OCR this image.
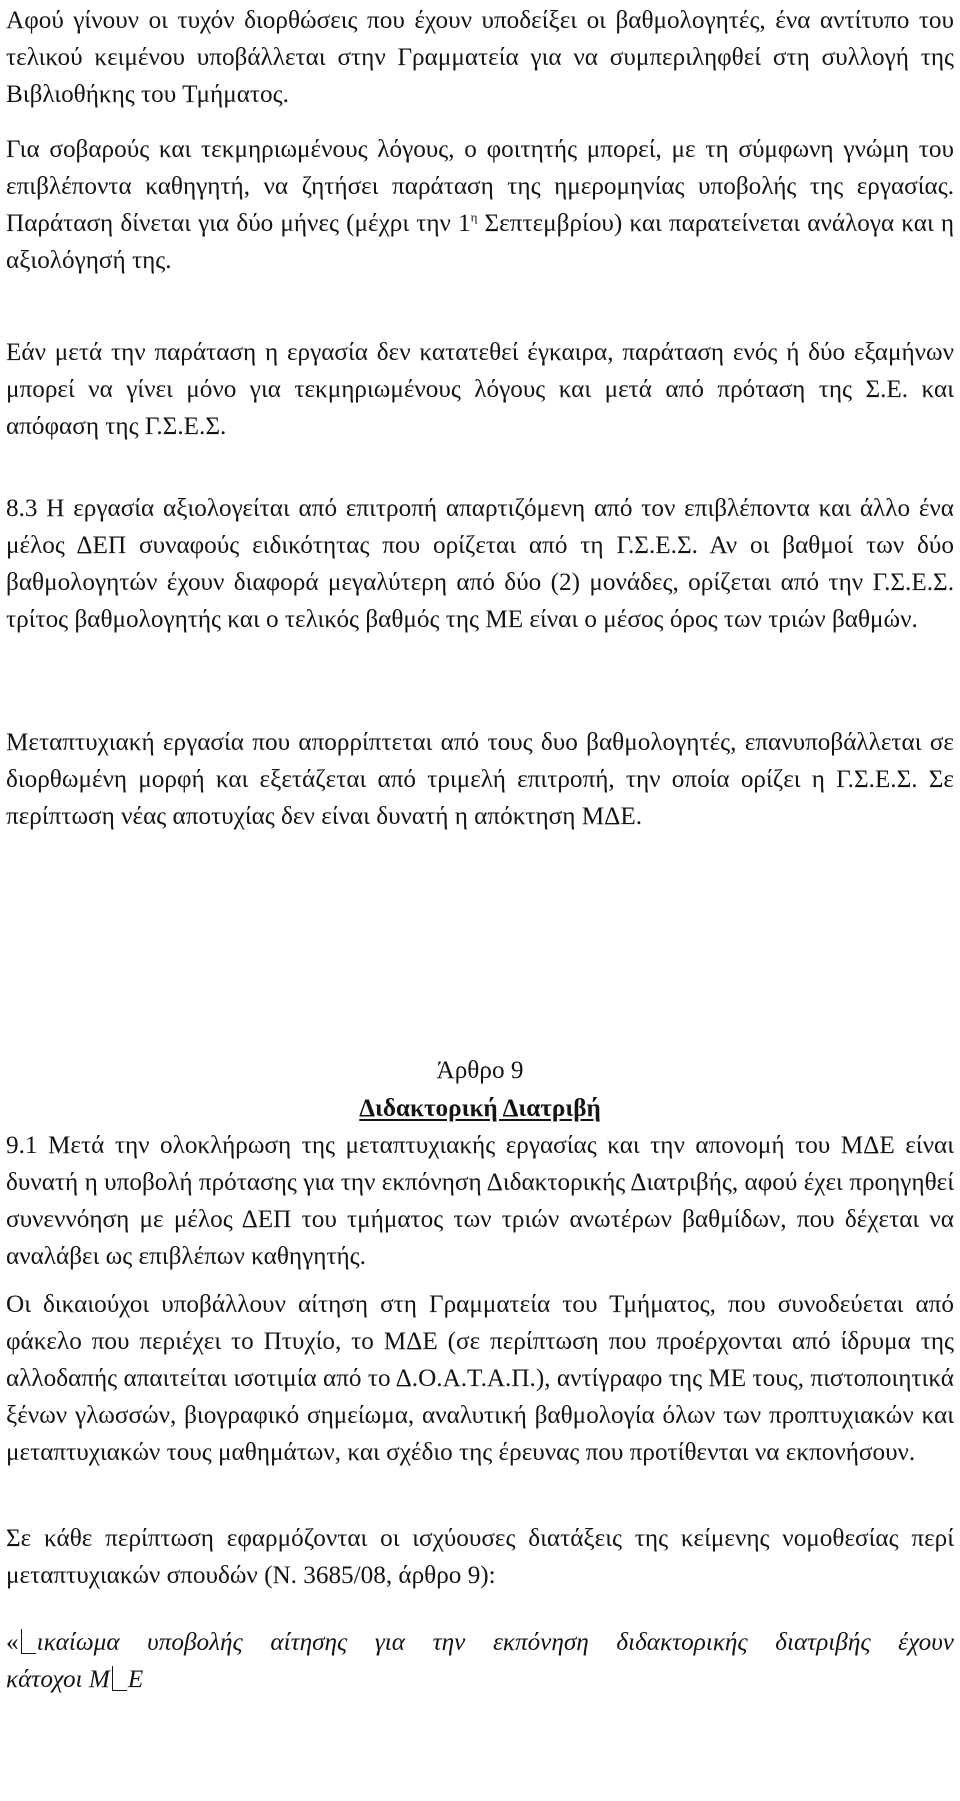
Αφού γίνουν οι τυχόν διορθώσεις που έχουν υποδείξει οι βαθμολογητές, ένα αντίτυπο του τελικού κειμένου υποβάλλεται στην Γραμματεία για να συμπεριληφθεί στη συλλογή της Βιβλιοθήκης του Τμήματος.

Για σοβαρούς και τεκμηριωμένους λόγους, ο φοιτητής μπορεί, με τη σύμφωνη γνώμη του επιβλέποντα καθηγητή, να ζητήσει παράταση της ημερομηνίας υποβολής της εργασίας. Παράταση δίνεται για δύο μήνες (μέχρι την $1^\eta$ Σεπτεμβρίου) και παρατείνεται ανάλογα και η αξιολόγησή της.

Εάν μετά την παράταση η εργασία δεν κατατεθεί έγκαιρα, παράταση ενός ή δύο εξαμήνων μπορεί να γίνει μόνο για τεκμηριωμένους λόγους και μετά από πρόταση της Σ.Ε. και απόφαση της Γ.Σ.Ε.Σ.

8.3 Η εργασία αξιολογείται από επιτροπή απαρτιζόμενη από τον επιβλέποντα και άλλο ένα μέλος ΔΕΠ συναφούς ειδικότητας που ορίζεται από τη Γ.Σ.Ε.Σ. Αν οι βαθμοί των δύο βαθμολογητών έχουν διαφορά μεγαλύτερη από δύο (2) μονάδες, ορίζεται από την Γ.Σ.Ε.Σ. τρίτος βαθμολογητής και ο τελικός βαθμός της ΜΕ είναι ο μέσος όρος των τριών βαθμών.

Μεταπτυχιακή εργασία που απορρίπτεται από τους δυο βαθμολογητές, επανυποβάλλεται σε διορθωμένη μορφή και εξετάζεται από τριμελή επιτροπή, την οποία ορίζει η Γ.Σ.Ε.Σ. Σε περίπτωση νέας αποτυχίας δεν είναι δυνατή η απόκτηση ΜΔΕ.

Άρθρο 9
Διδακτορική Διατριβή

9.1 Μετά την ολοκλήρωση της μεταπτυχιακής εργασίας και την απονομή του ΜΔΕ είναι δυνατή η υποβολή πρότασης για την εκπόνηση Διδακτορικής Διατριβής, αφού έχει προηγηθεί συνεννόηση με μέλος ΔΕΠ του τμήματος των τριών ανωτέρων βαθμίδων, που δέχεται να αναλάβει ως επιβλέπων καθηγητής.

Οι δικαιούχοι υποβάλλουν αίτηση στη Γραμματεία του Τμήματος, που συνοδεύεται από φάκελο που περιέχει το Πτυχίο, το ΜΔΕ (σε περίπτωση που προέρχονται από ίδρυμα της αλλοδαπής απαιτείται ισοτιμία από το Δ.Ο.Α.Τ.Α.Π.), αντίγραφο της ΜΕ τους, πιστοποιητικά ξένων γλωσσών, βιογραφικό σημείωμα, αναλυτική βαθμολογία όλων των προπτυχιακών και μεταπτυχιακών τους μαθημάτων, και σχέδιο της έρευνας που προτίθενται να εκπονήσουν.

Σε κάθε περίπτωση εφαρμόζονται οι ισχύουσες διατάξεις της κείμενης νομοθεσίας περί μεταπτυχιακών σπουδών (Ν. 3685/08, άρθρο 9):

« ικαίωμα υποβολής αίτησης για την εκπόνηση διδακτορικής διατριβής έχουν

κάτοχοι Μ Ε
